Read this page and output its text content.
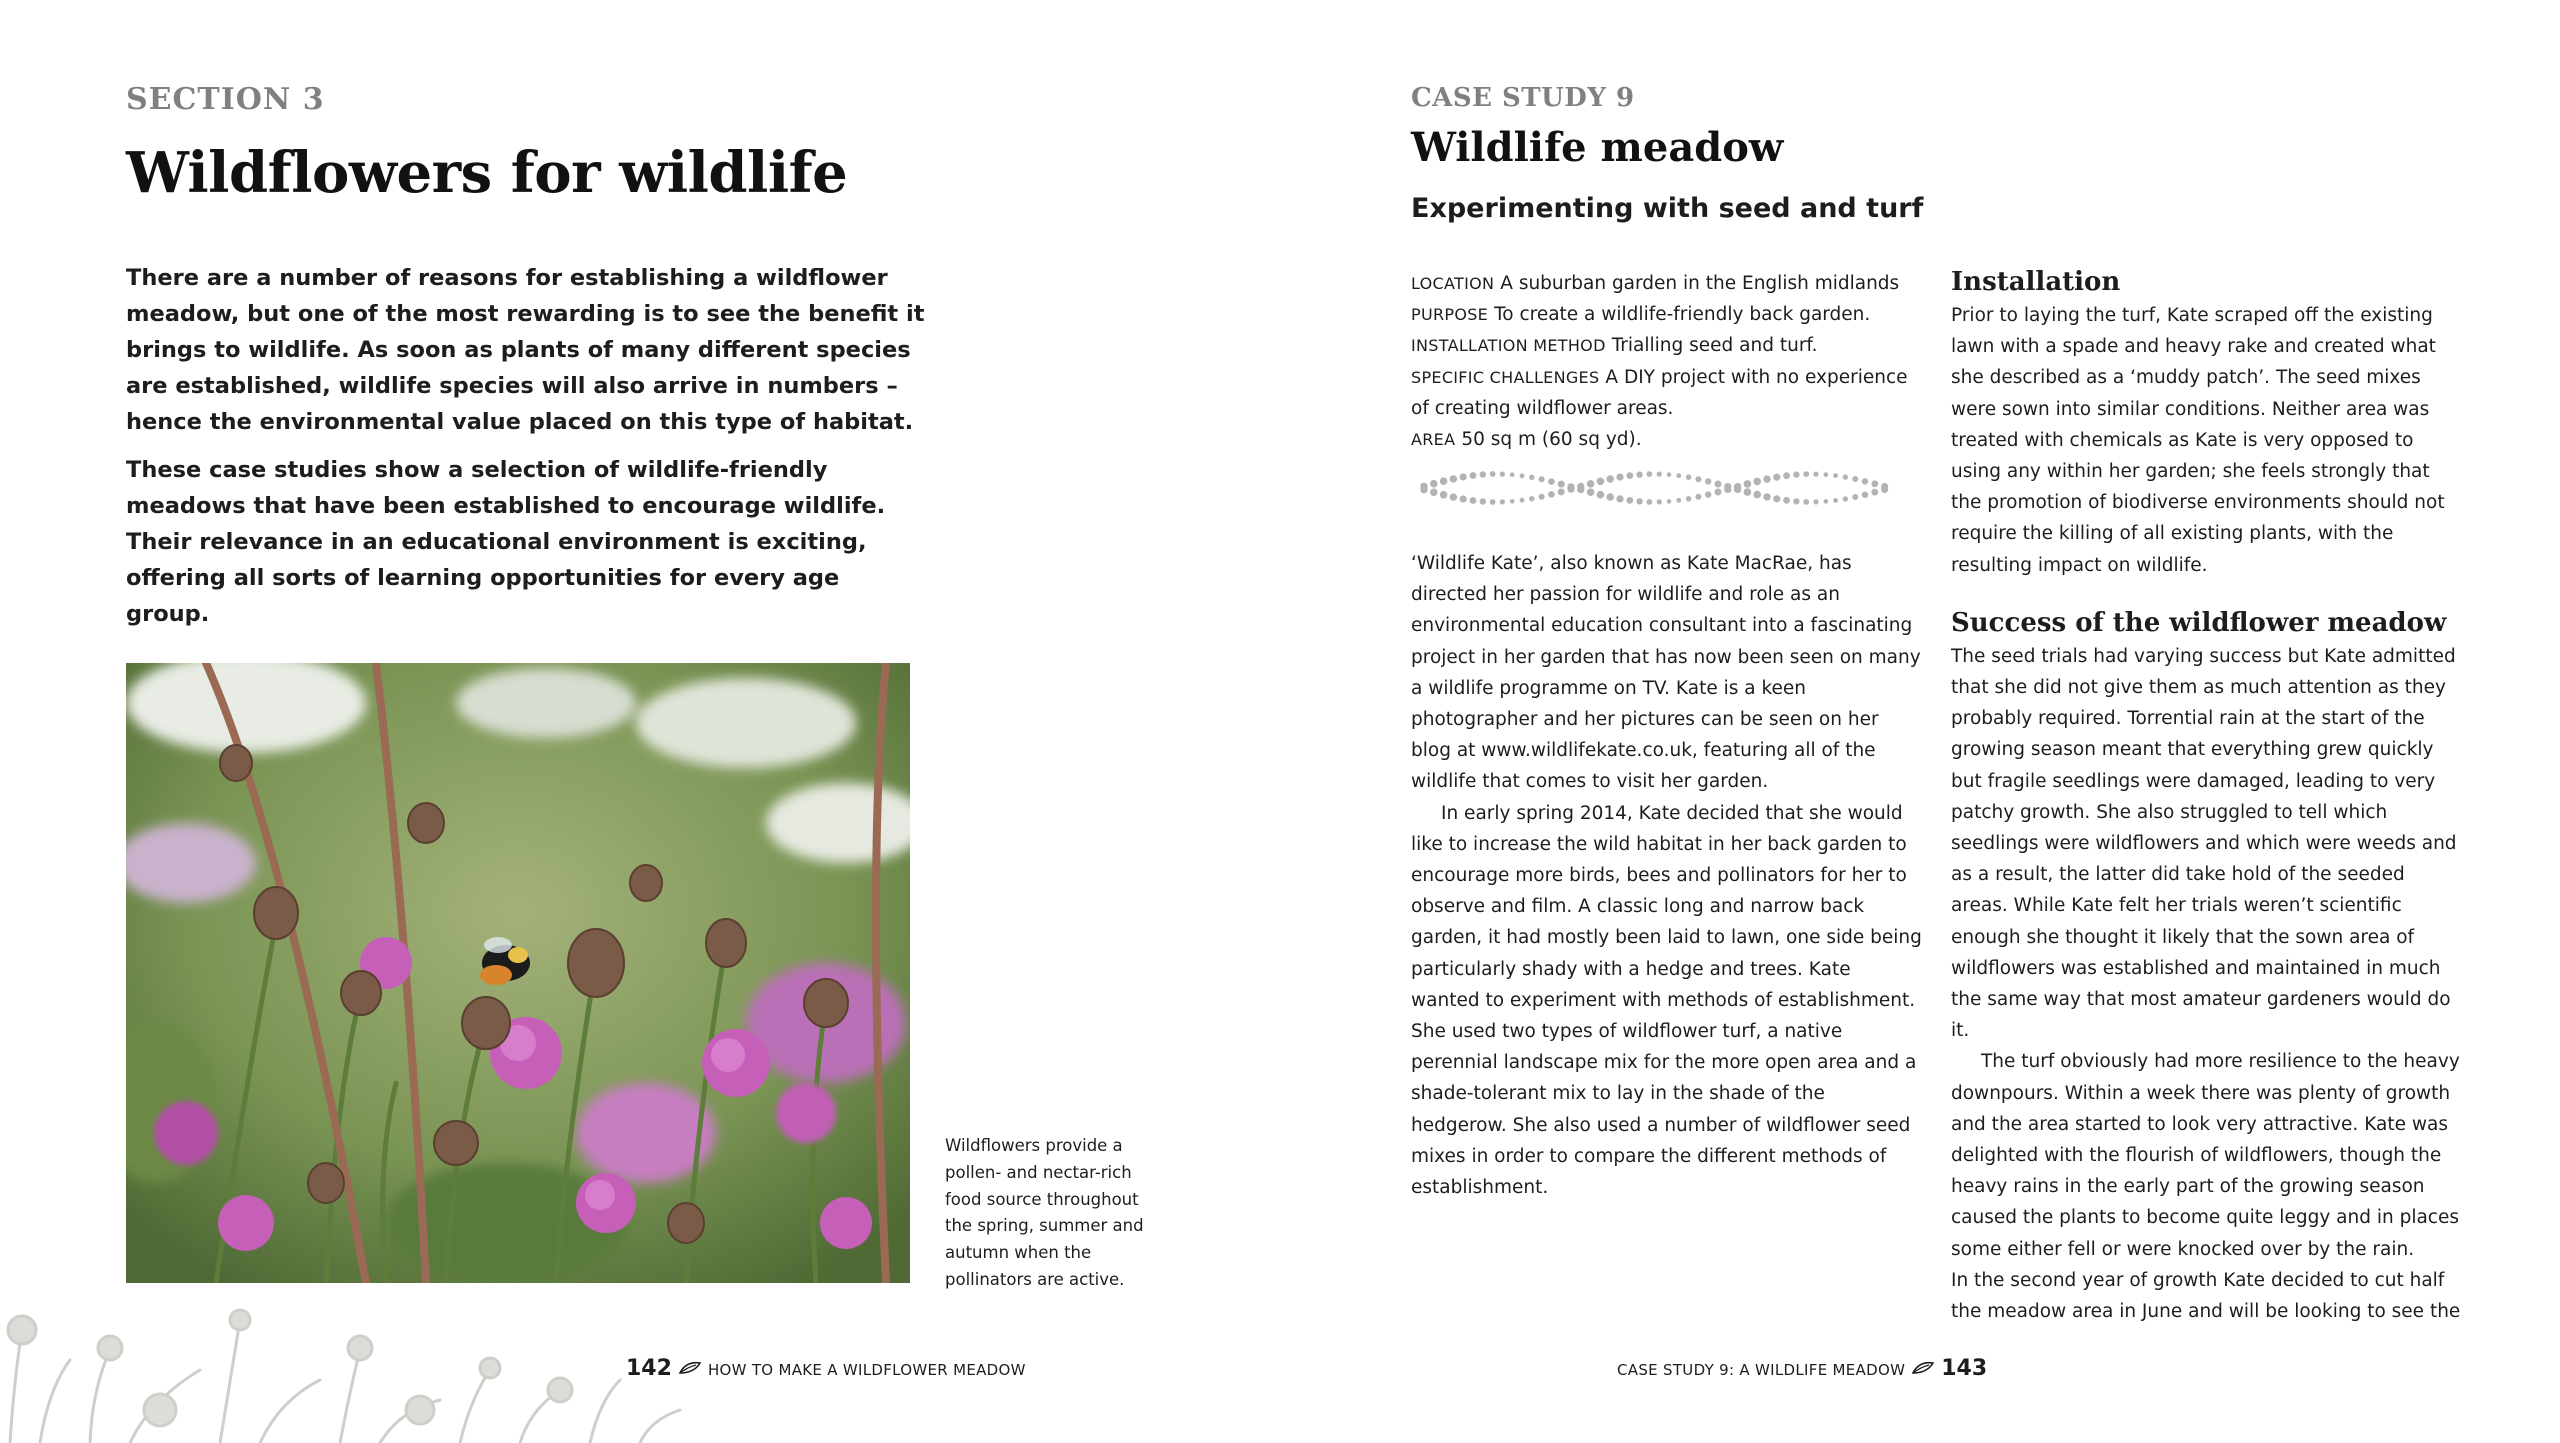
SECTION 3
Wildflowers for wildlife

There are a number of reasons for establishing a wildflower meadow, but one of the most rewarding is to see the benefit it brings to wildlife. As soon as plants of many different species are established, wildlife species will also arrive in numbers – hence the environmental value placed on this type of habitat.

These case studies show a selection of wildlife-friendly meadows that have been established to encourage wildlife. Their relevance in an educational environment is exciting, offering all sorts of learning opportunities for every age group.

Wildflowers provide a pollen- and nectar-rich food source throughout the spring, summer and autumn when the pollinators are active.
142 HOW TO MAKE A WILDFLOWER MEADOW
CASE STUDY 9
Wildlife meadow
Experimenting with seed and turf
LOCATION A suburban garden in the English midlands
PURPOSE To create a wildlife-friendly back garden.
INSTALLATION METHOD Trialling seed and turf.
SPECIFIC CHALLENGES A DIY project with no experience of creating wildflower areas.
AREA 50 sq m (60 sq yd).

‘Wildlife Kate’, also known as Kate MacRae, has directed her passion for wildlife and role as an environmental education consultant into a fascinating project in her garden that has now been seen on many a wildlife programme on TV. Kate is a keen photographer and her pictures can be seen on her blog at www.wildlifekate.co.uk, featuring all of the wildlife that comes to visit her garden.

In early spring 2014, Kate decided that she would like to increase the wild habitat in her back garden to encourage more birds, bees and pollinators for her to observe and film. A classic long and narrow back garden, it had mostly been laid to lawn, one side being particularly shady with a hedge and trees. Kate wanted to experiment with methods of establishment. She used two types of wildflower turf, a native perennial landscape mix for the more open area and a shade-tolerant mix to lay in the shade of the hedgerow. She also used a number of wildflower seed mixes in order to compare the different methods of establishment.

Installation

Prior to laying the turf, Kate scraped off the existing lawn with a spade and heavy rake and created what she described as a ‘muddy patch’. The seed mixes were sown into similar conditions. Neither area was treated with chemicals as Kate is very opposed to using any within her garden; she feels strongly that the promotion of biodiverse environments should not require the killing of all existing plants, with the resulting impact on wildlife.

Success of the wildflower meadow

The seed trials had varying success but Kate admitted that she did not give them as much attention as they probably required. Torrential rain at the start of the growing season meant that everything grew quickly but fragile seedlings were damaged, leading to very patchy growth. She also struggled to tell which seedlings were wildflowers and which were weeds and as a result, the latter did take hold of the seeded areas. While Kate felt her trials weren’t scientific enough she thought it likely that the sown area of wildflowers was established and maintained in much the same way that most amateur gardeners would do it.

The turf obviously had more resilience to the heavy downpours. Within a week there was plenty of growth and the area started to look very attractive. Kate was delighted with the flourish of wildflowers, though the heavy rains in the early part of the growing season caused the plants to become quite leggy and in places some either fell or were knocked over by the rain.

In the second year of growth Kate decided to cut half the meadow area in June and will be looking to see the

CASE STUDY 9: A WILDLIFE MEADOW 143
